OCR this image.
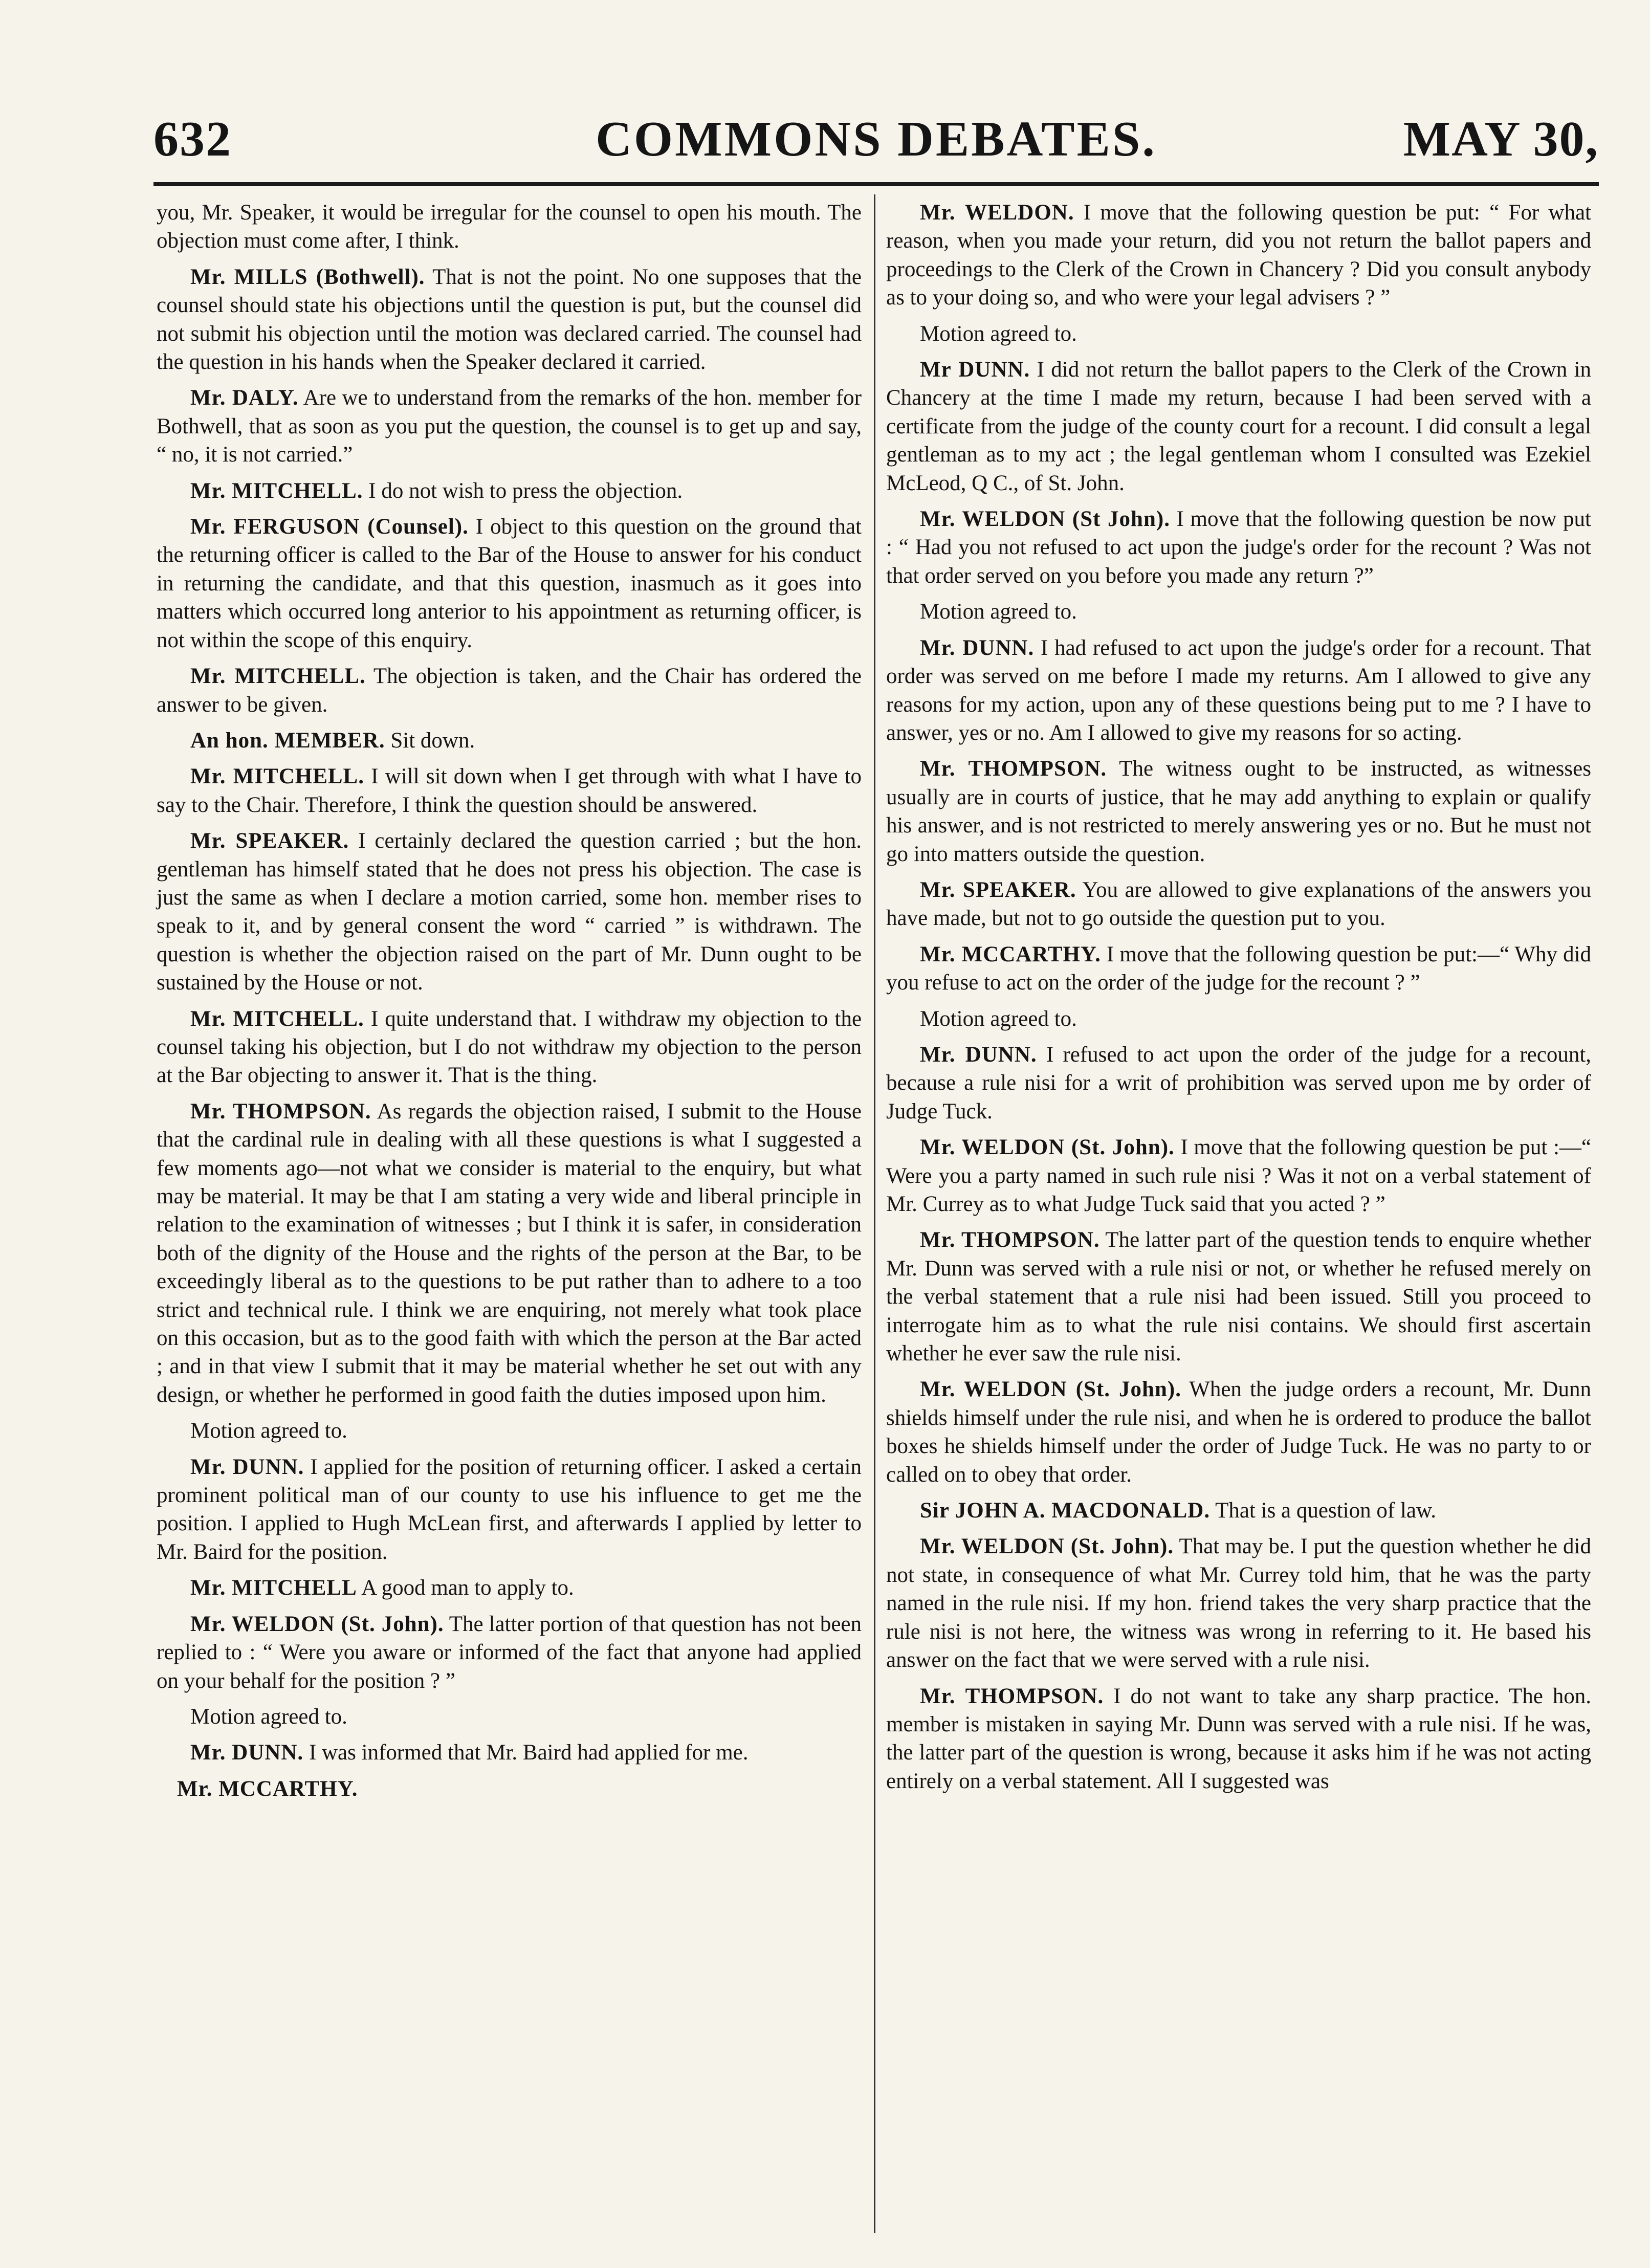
632	COMMONS DEBATES.	MAY 30,

you, Mr. Speaker, it would be irregular for the counsel to open his mouth. The objection must come after, I think.

Mr. MILLS (Bothwell). That is not the point. No one supposes that the counsel should state his objections until the question is put, but the counsel did not submit his objection until the motion was declared carried. The counsel had the question in his hands when the Speaker declared it carried.

Mr. DALY. Are we to understand from the remarks of the hon. member for Bothwell, that as soon as you put the question, the counsel is to get up and say, “ no, it is not carried.”

Mr. MITCHELL. I do not wish to press the objection.

Mr. FERGUSON (Counsel). I object to this question on the ground that the returning officer is called to the Bar of the House to answer for his conduct in returning the candidate, and that this question, inasmuch as it goes into matters which occurred long anterior to his appointment as returning officer, is not within the scope of this enquiry.

Mr. MITCHELL. The objection is taken, and the Chair has ordered the answer to be given.

An hon. MEMBER. Sit down.

Mr. MITCHELL. I will sit down when I get through with what I have to say to the Chair. Therefore, I think the question should be answered.

Mr. SPEAKER. I certainly declared the question carried ; but the hon. gentleman has himself stated that he does not press his objection. The case is just the same as when I declare a motion carried, some hon. member rises to speak to it, and by general consent the word “ carried ” is withdrawn. The question is whether the objection raised on the part of Mr. Dunn ought to be sustained by the House or not.

Mr. MITCHELL. I quite understand that. I withdraw my objection to the counsel taking his objection, but I do not withdraw my objection to the person at the Bar objecting to answer it. That is the thing.

Mr. THOMPSON. As regards the objection raised, I submit to the House that the cardinal rule in dealing with all these questions is what I suggested a few moments ago—not what we consider is material to the enquiry, but what may be material. It may be that I am stating a very wide and liberal principle in relation to the examination of witnesses ; but I think it is safer, in consideration both of the dignity of the House and the rights of the person at the Bar, to be exceedingly liberal as to the questions to be put rather than to adhere to a too strict and technical rule. I think we are enquiring, not merely what took place on this occasion, but as to the good faith with which the person at the Bar acted ; and in that view I submit that it may be material whether he set out with any design, or whether he performed in good faith the duties imposed upon him.

Motion agreed to.

Mr. DUNN. I applied for the position of returning officer. I asked a certain prominent political man of our county to use his influence to get me the position. I applied to Hugh McLean first, and afterwards I applied by letter to Mr. Baird for the position.

Mr. MITCHELL A good man to apply to.

Mr. WELDON (St. John). The latter portion of that question has not been replied to : “ Were you aware or informed of the fact that anyone had applied on your behalf for the position ? ”

Motion agreed to.

Mr. DUNN. I was informed that Mr. Baird had applied for me.

Mr. MCCARTHY.

Mr. WELDON. I move that the following question be put: “ For what reason, when you made your return, did you not return the ballot papers and proceedings to the Clerk of the Crown in Chancery ? Did you consult anybody as to your doing so, and who were your legal advisers ? ”

Motion agreed to.

Mr DUNN. I did not return the ballot papers to the Clerk of the Crown in Chancery at the time I made my return, because I had been served with a certificate from the judge of the county court for a recount. I did consult a legal gentleman as to my act ; the legal gentleman whom I consulted was Ezekiel McLeod, Q C., of St. John.

Mr. WELDON (St John). I move that the following question be now put : “ Had you not refused to act upon the judge's order for the recount ? Was not that order served on you before you made any return ?”

Motion agreed to.

Mr. DUNN. I had refused to act upon the judge's order for a recount. That order was served on me before I made my returns. Am I allowed to give any reasons for my action, upon any of these questions being put to me ? I have to answer, yes or no. Am I allowed to give my reasons for so acting.

Mr. THOMPSON. The witness ought to be instructed, as witnesses usually are in courts of justice, that he may add anything to explain or qualify his answer, and is not restricted to merely answering yes or no. But he must not go into matters outside the question.

Mr. SPEAKER. You are allowed to give explanations of the answers you have made, but not to go outside the question put to you.

Mr. MCCARTHY. I move that the following question be put:—“ Why did you refuse to act on the order of the judge for the recount ? ”

Motion agreed to.

Mr. DUNN. I refused to act upon the order of the judge for a recount, because a rule nisi for a writ of prohibition was served upon me by order of Judge Tuck.

Mr. WELDON (St. John). I move that the following question be put :—“ Were you a party named in such rule nisi ? Was it not on a verbal statement of Mr. Currey as to what Judge Tuck said that you acted ? ”

Mr. THOMPSON. The latter part of the question tends to enquire whether Mr. Dunn was served with a rule nisi or not, or whether he refused merely on the verbal statement that a rule nisi had been issued. Still you proceed to interrogate him as to what the rule nisi contains. We should first ascertain whether he ever saw the rule nisi.

Mr. WELDON (St. John). When the judge orders a recount, Mr. Dunn shields himself under the rule nisi, and when he is ordered to produce the ballot boxes he shields himself under the order of Judge Tuck. He was no party to or called on to obey that order.

Sir JOHN A. MACDONALD. That is a question of law.

Mr. WELDON (St. John). That may be. I put the question whether he did not state, in consequence of what Mr. Currey told him, that he was the party named in the rule nisi. If my hon. friend takes the very sharp practice that the rule nisi is not here, the witness was wrong in referring to it. He based his answer on the fact that we were served with a rule nisi.

Mr. THOMPSON. I do not want to take any sharp practice. The hon. member is mistaken in saying Mr. Dunn was served with a rule nisi. If he was, the latter part of the question is wrong, because it asks him if he was not acting entirely on a verbal statement. All I suggested was
